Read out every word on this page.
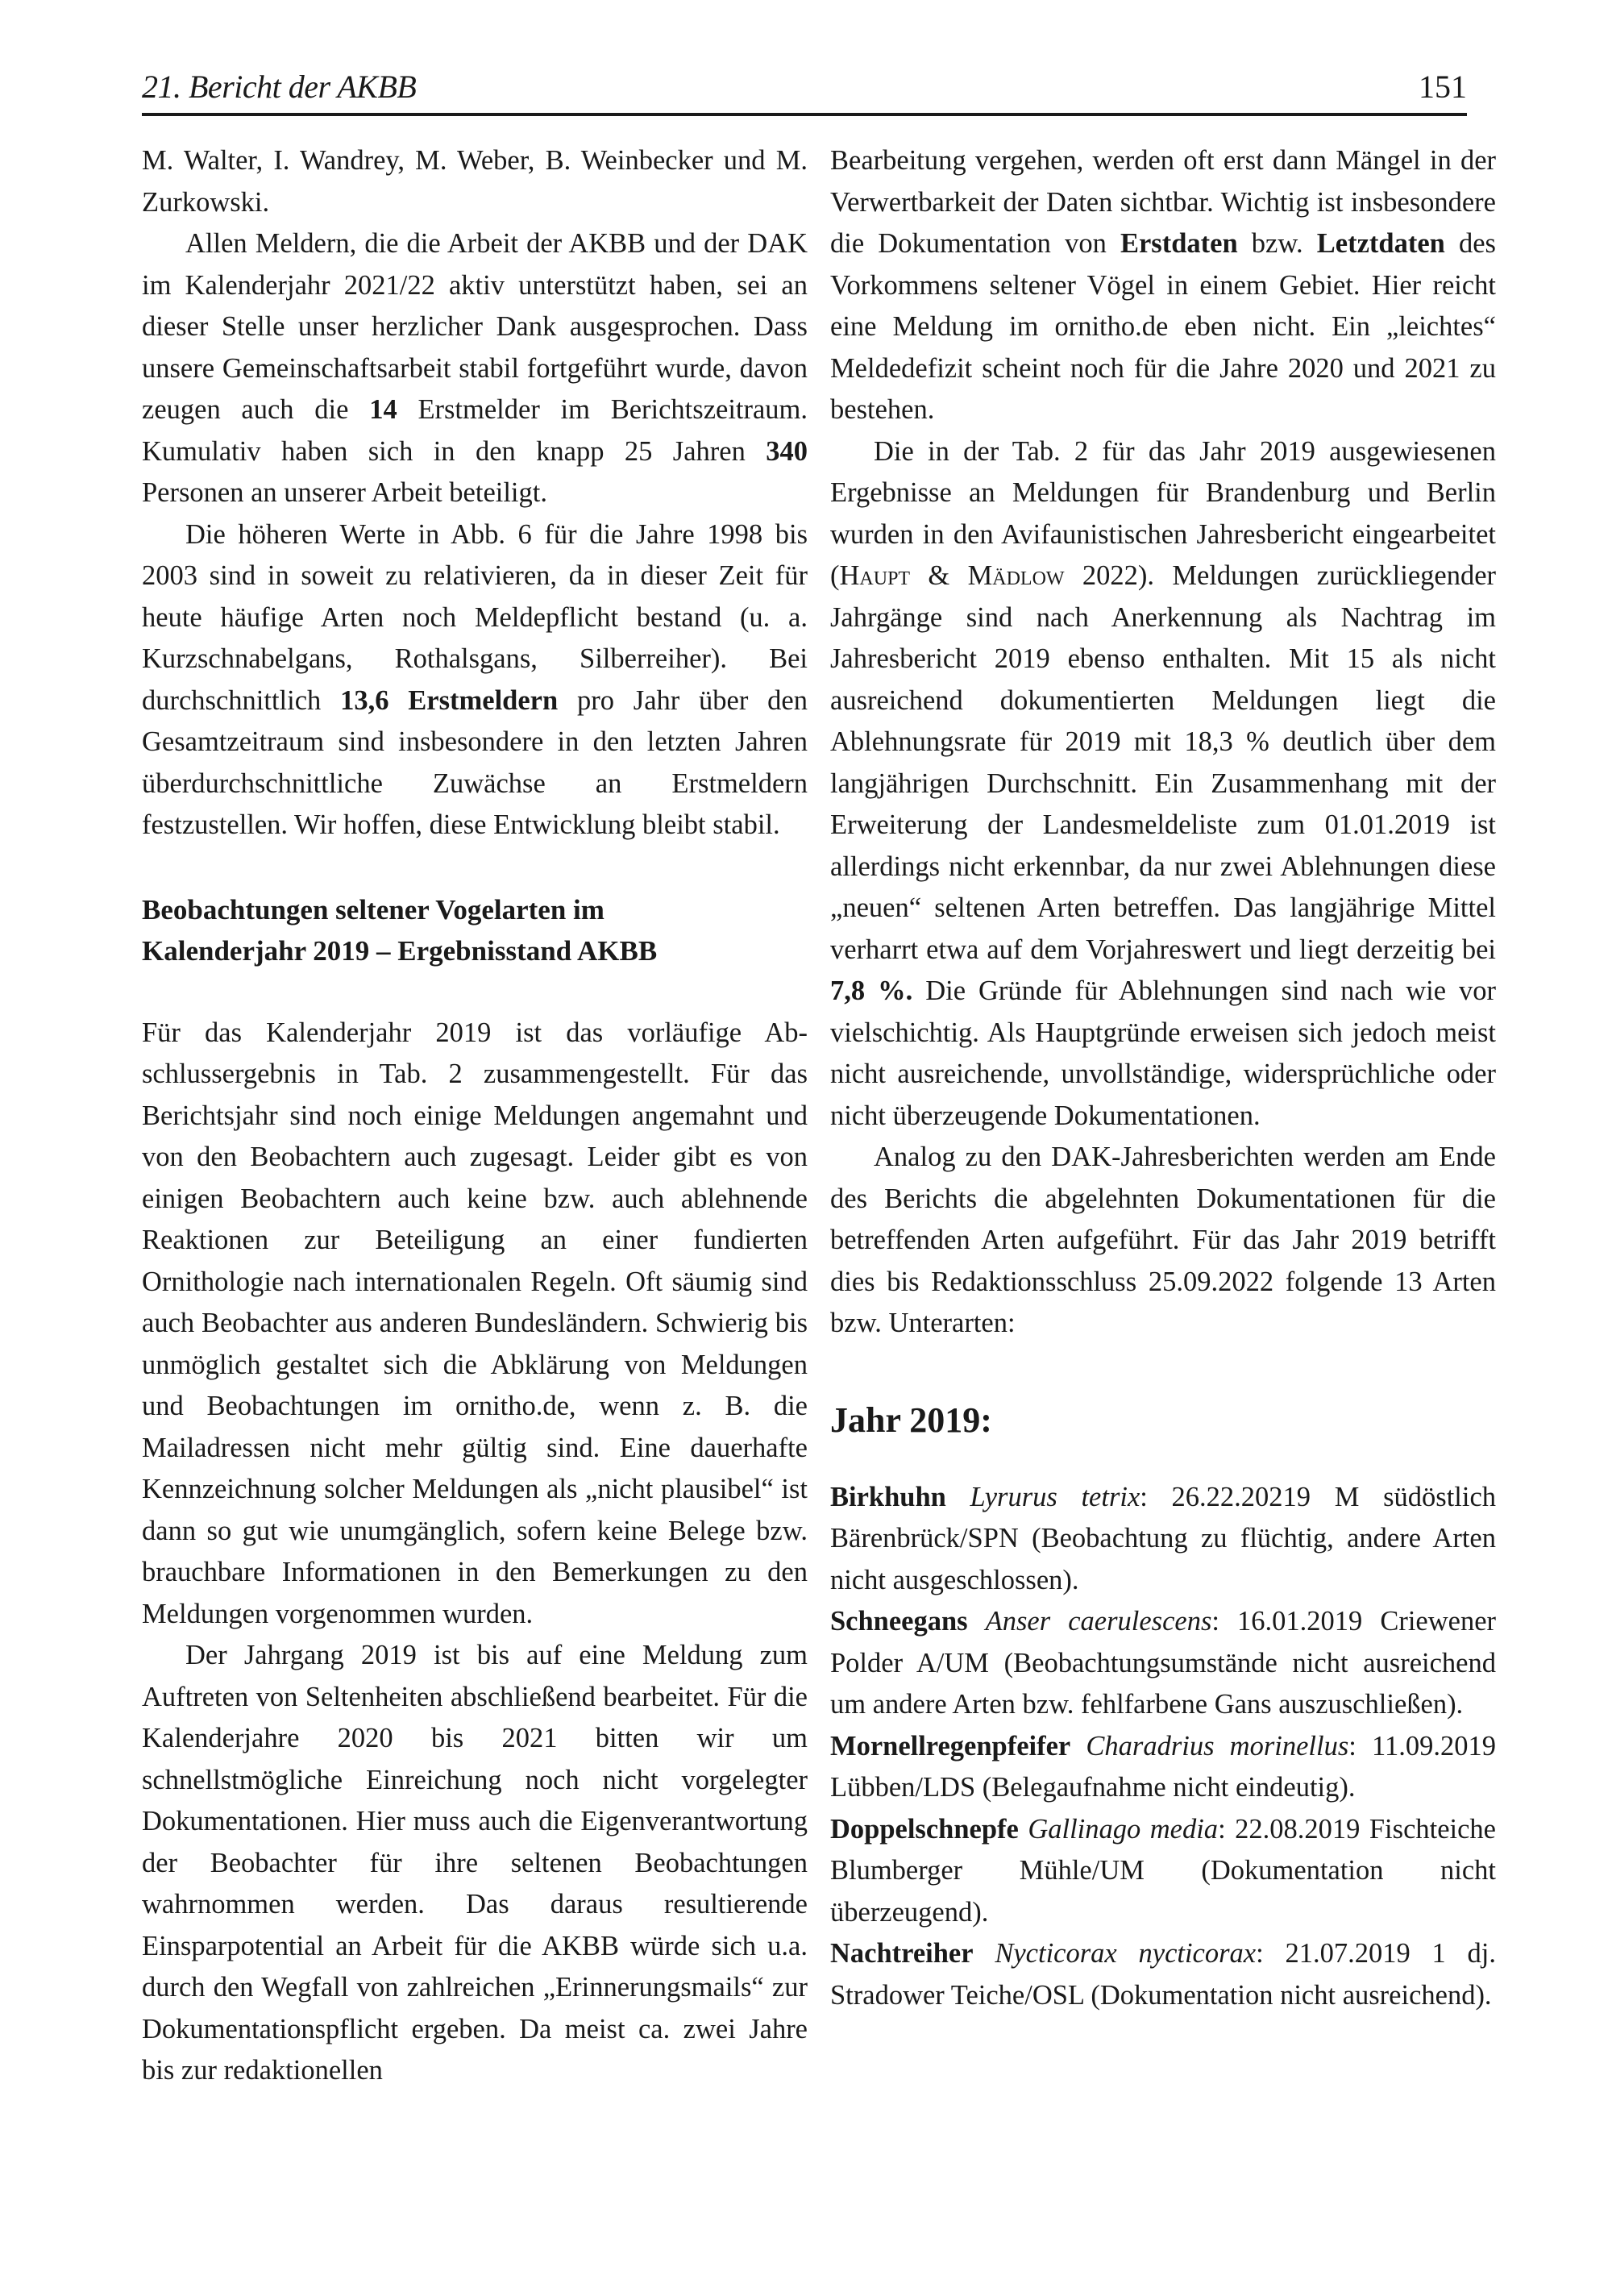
21. Bericht der AKBB	151

M. Walter, I. Wandrey, M. Weber, B. Weinbecker und M. Zurkowski.

Allen Meldern, die die Arbeit der AKBB und der DAK im Kalenderjahr 2021/22 aktiv unterstützt haben, sei an dieser Stelle unser herzlicher Dank ausgesprochen. Dass unsere Gemeinschaftsarbeit stabil fortgeführt wurde, davon zeugen auch die 14 Erstmelder im Berichtszeitraum. Kumulativ haben sich in den knapp 25 Jahren 340 Personen an unserer Arbeit beteiligt.

Die höheren Werte in Abb. 6 für die Jahre 1998 bis 2003 sind in soweit zu relativieren, da in dieser Zeit für heute häufige Arten noch Meldepflicht bestand (u. a. Kurzschnabelgans, Rothalsgans, Silberreiher). Bei durchschnittlich 13,6 Erstmeldern pro Jahr über den Gesamtzeitraum sind insbesondere in den letzten Jahren überdurchschnittliche Zuwächse an Erstmeldern festzustellen. Wir hoffen, diese Entwicklung bleibt stabil.

Beobachtungen seltener Vogelarten im
Kalenderjahr 2019 – Ergebnisstand AKBB

Für das Kalenderjahr 2019 ist das vorläufige Abschlussergebnis in Tab. 2 zusammengestellt. Für das Berichtsjahr sind noch einige Meldungen angemahnt und von den Beobachtern auch zugesagt. Leider gibt es von einigen Beobachtern auch keine bzw. auch ablehnende Reaktionen zur Beteiligung an einer fundierten Ornithologie nach internationalen Regeln. Oft säumig sind auch Beobachter aus anderen Bundesländern. Schwierig bis unmöglich gestaltet sich die Abklärung von Meldungen und Beobachtungen im ornitho.de, wenn z. B. die Mailadressen nicht mehr gültig sind. Eine dauerhafte Kennzeichnung solcher Meldungen als „nicht plausibel“ ist dann so gut wie unumgänglich, sofern keine Belege bzw. brauchbare Informationen in den Bemerkungen zu den Meldungen vorgenommen wurden.

Der Jahrgang 2019 ist bis auf eine Meldung zum Auftreten von Seltenheiten abschließend bearbeitet. Für die Kalenderjahre 2020 bis 2021 bitten wir um schnellstmögliche Einreichung noch nicht vorgelegter Dokumentationen. Hier muss auch die Eigenverantwortung der Beobachter für ihre seltenen Beobachtungen wahrnommen werden. Das daraus resultierende Einsparpotential an Arbeit für die AKBB würde sich u.a. durch den Wegfall von zahlreichen „Erinnerungsmails“ zur Dokumentationspflicht ergeben. Da meist ca. zwei Jahre bis zur redaktionellen

Bearbeitung vergehen, werden oft erst dann Mängel in der Verwertbarkeit der Daten sichtbar. Wichtig ist insbesondere die Dokumentation von Erstdaten bzw. Letztdaten des Vorkommens seltener Vögel in einem Gebiet. Hier reicht eine Meldung im ornitho.de eben nicht. Ein „leichtes“ Meldedefizit scheint noch für die Jahre 2020 und 2021 zu bestehen.

Die in der Tab. 2 für das Jahr 2019 ausgewiesenen Ergebnisse an Meldungen für Brandenburg und Berlin wurden in den Avifaunistischen Jahresbericht eingearbeitet (Haupt & Mädlow 2022). Meldungen zurückliegender Jahrgänge sind nach Anerkennung als Nachtrag im Jahresbericht 2019 ebenso enthalten. Mit 15 als nicht ausreichend dokumentierten Meldungen liegt die Ablehnungsrate für 2019 mit 18,3 % deutlich über dem langjährigen Durchschnitt. Ein Zusammenhang mit der Erweiterung der Landesmeldeliste zum 01.01.2019 ist allerdings nicht erkennbar, da nur zwei Ablehnungen diese „neuen“ seltenen Arten betreffen. Das langjährige Mittel verharrt etwa auf dem Vorjahreswert und liegt derzeitig bei 7,8 %. Die Gründe für Ablehnungen sind nach wie vor vielschichtig. Als Hauptgründe erweisen sich jedoch meist nicht ausreichende, unvollständige, widersprüchliche oder nicht überzeugende Dokumentationen.

Analog zu den DAK-Jahresberichten werden am Ende des Berichts die abgelehnten Dokumentationen für die betreffenden Arten aufgeführt. Für das Jahr 2019 betrifft dies bis Redaktionsschluss 25.09.2022 folgende 13 Arten bzw. Unterarten:

Jahr 2019:

Birkhuhn Lyrurus tetrix: 26.22.20219 M südöstlich Bärenbrück/SPN (Beobachtung zu flüchtig, andere Arten nicht ausgeschlossen).

Schneegans Anser caerulescens: 16.01.2019 Criewener Polder A/UM (Beobachtungsumstände nicht ausreichend um andere Arten bzw. fehlfarbene Gans auszuschließen).

Mornellregenpfeifer Charadrius morinellus: 11.09.2019 Lübben/LDS (Belegaufnahme nicht eindeutig).

Doppelschnepfe Gallinago media: 22.08.2019 Fischteiche Blumberger Mühle/UM (Dokumentation nicht überzeugend).

Nachtreiher Nycticorax nycticorax: 21.07.2019 1 dj. Stradower Teiche/OSL (Dokumentation nicht ausreichend).
